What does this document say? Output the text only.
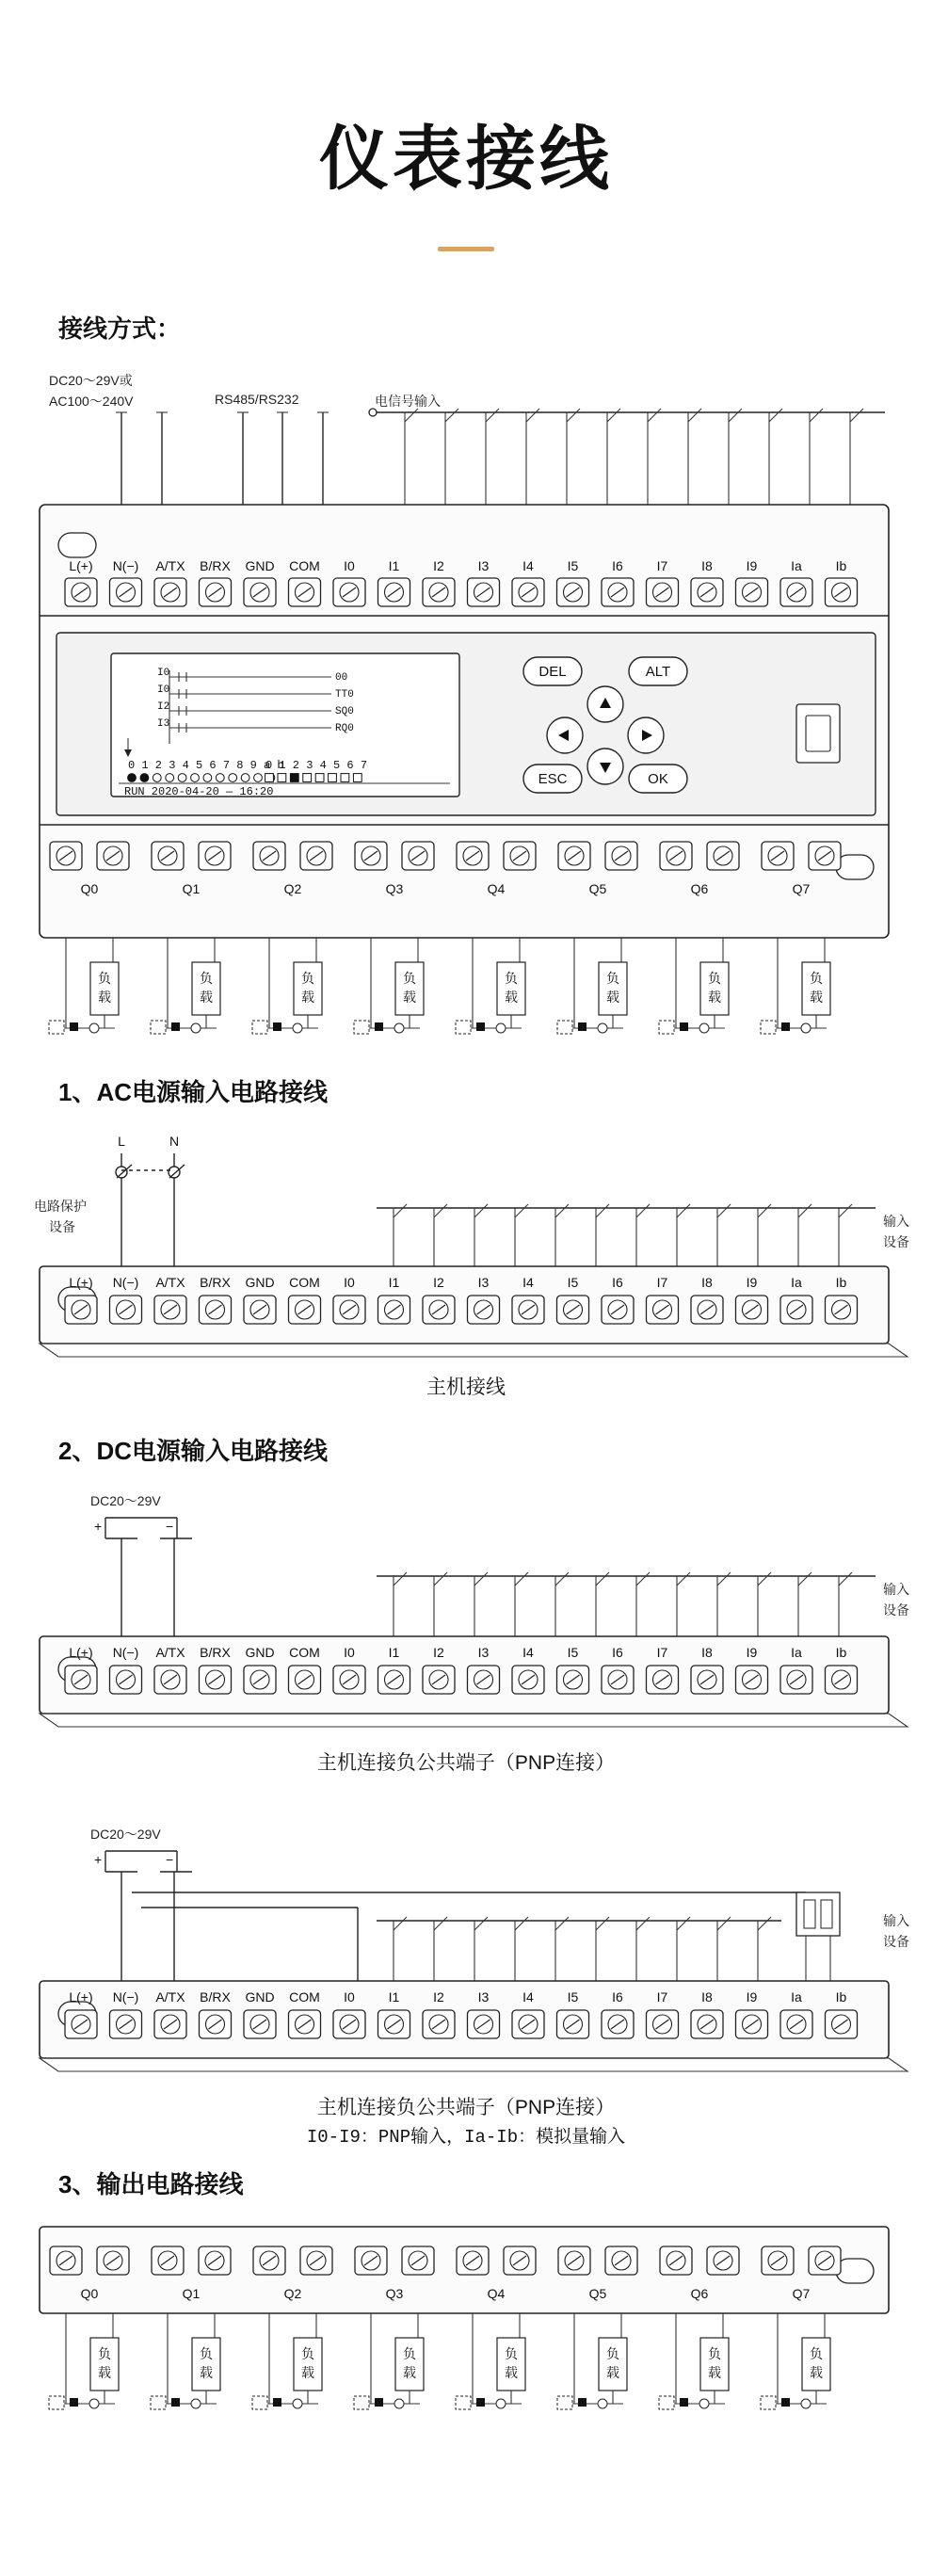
仪表接线
接线方式：
DC20～29V或
AC100～240V	RS485/RS232	电信号输入
L(+) N(−) A/TX B/RX GND COM I0	I1	I2	I3	I4	I5	I6	I7	I8	I9	Ia	Ib
Q0	Q1	Q2	Q3	Q4	Q5	Q6	Q7
I0
I0
I2
I3
00
TT0
SQ0
RQ0
0 1 2 3 4 5 6 7 8 9 a b
0 1 2 3 4 5 6 7
RUN 2020-04-20 — 16:20
DEL	ALT
ESC	OK
负
载
负
载
负
载
负
载
负
载
负
载
负
载
负
载
1、AC电源输入电路接线
电路保护
设备	输入
设备
L	N
L(+) N(−) A/TX B/RX GND COM I0	I1	I2	I3	I4	I5	I6	I7	I8	I9	Ia	Ib
主机接线
2、DC电源输入电路接线
DC20～29V
输入
设备
+	−
L(+) N(−) A/TX B/RX GND COM I0	I1	I2	I3	I4	I5	I6	I7	I8	I9	Ia	Ib
主机连接负公共端子（PNP连接）
DC20～29V
输入
设备
+	−
L(+) N(−) A/TX B/RX GND COM I0	I1	I2	I3	I4	I5	I6	I7	I8	I9	Ia	Ib
主机连接负公共端子（PNP连接）
I0-I9：PNP输入，Ia-Ib：模拟量输入
3、输出电路接线
Q0	Q1	Q2	Q3	Q4	Q5	Q6	Q7
负
载
负
载
负
载
负
载
负
载
负
载
负
载
负
载
